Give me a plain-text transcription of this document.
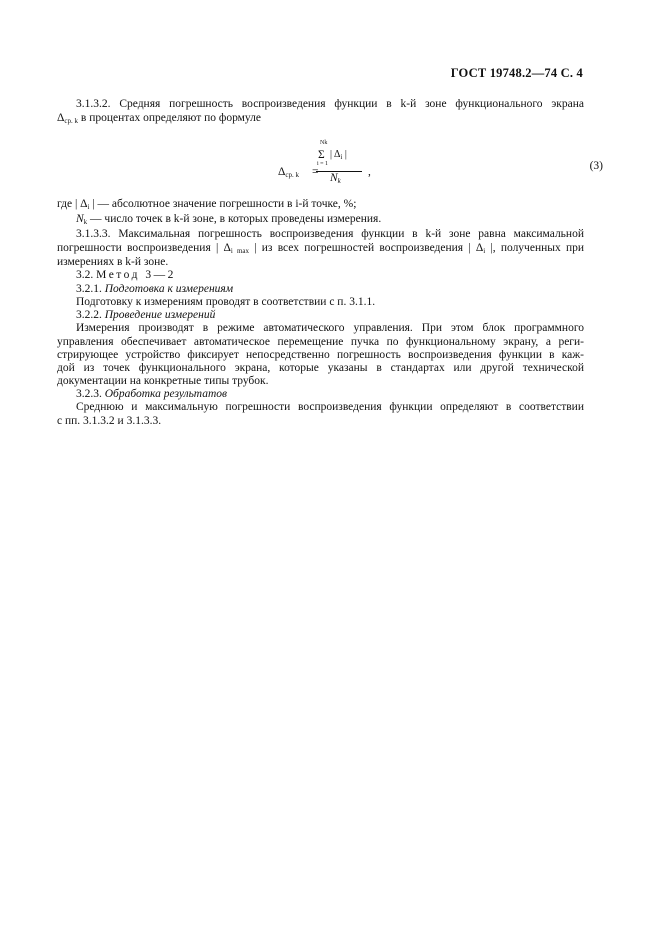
ГОСТ 19748.2—74 С. 4
3.1.3.2. Средняя погрешность воспроизведения функции в k-й зоне функционального экрана
$\Delta_{ср. k}$ в процентах определяют по формуле
$\Delta_{ср. k}$ =
Nk
Σ | $\Delta_i$ |
i = 1
$N_k$
,	(3)
где | $\Delta_i$ | — абсолютное значение погрешности в i-й точке, %;
$N_k$ — число точек в k-й зоне, в которых проведены измерения.
3.1.3.3. Максимальная погрешность воспроизведения функции в k-й зоне равна максимальной
погрешности воспроизведения | $\Delta_{i max}$ | из всех погрешностей воспроизведения | $\Delta_i$ |, полученных при
измерениях в k-й зоне.
3.2. Метод 3—2
3.2.1. Подготовка к измерениям
Подготовку к измерениям проводят в соответствии с п. 3.1.1.
3.2.2. Проведение измерений
Измерения производят в режиме автоматического управления. При этом блок программного
управления обеспечивает автоматическое перемещение пучка по функциональному экрану, а реги-
стрирующее устройство фиксирует непосредственно погрешность воспроизведения функции в каж-
дой из точек функционального экрана, которые указаны в стандартах или другой технической
документации на конкретные типы трубок.
3.2.3. Обработка результатов
Среднюю и максимальную погрешности воспроизведения функции определяют в соответствии
с пп. 3.1.3.2 и 3.1.3.3.
